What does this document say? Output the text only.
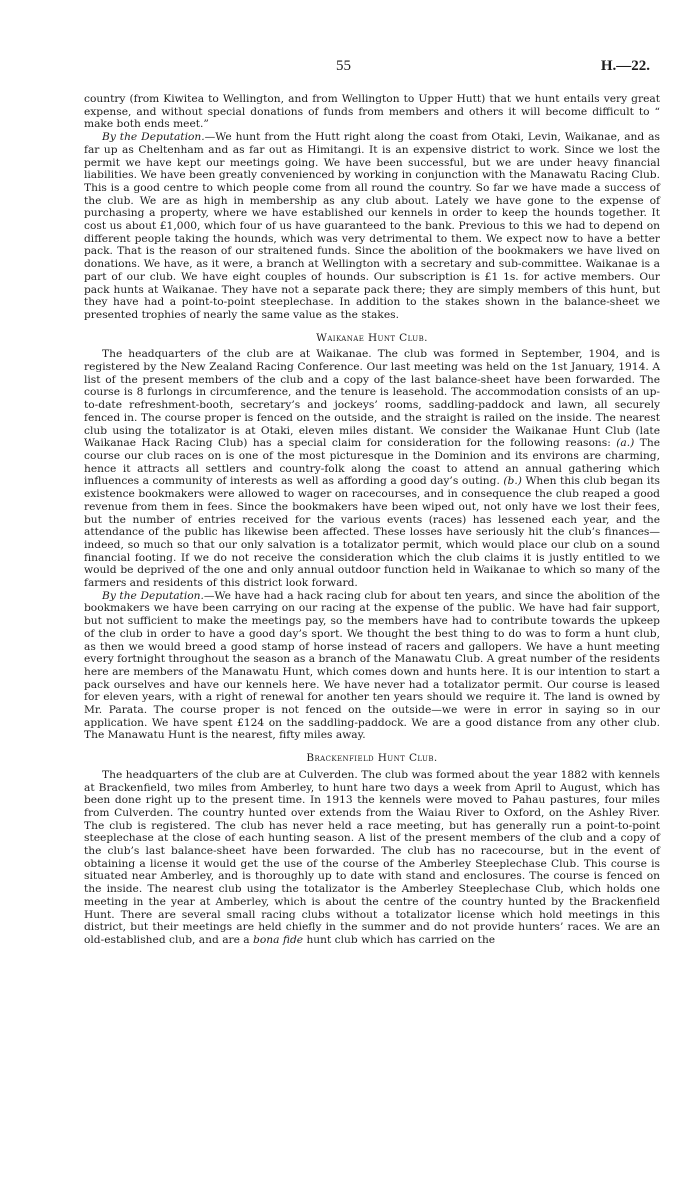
55	H.—22.

country (from Kiwitea to Wellington, and from Wellington to Upper Hutt) that we hunt entails very great expense, and without special donations of funds from members and others it will become difficult to “ make both ends meet.”

By the Deputation.—We hunt from the Hutt right along the coast from Otaki, Levin, Waikanae, and as far up as Cheltenham and as far out as Himitangi. It is an expensive district to work. Since we lost the permit we have kept our meetings going. We have been successful, but we are under heavy financial liabilities. We have been greatly convenienced by working in conjunction with the Manawatu Racing Club. This is a good centre to which people come from all round the country. So far we have made a success of the club. We are as high in membership as any club about. Lately we have gone to the expense of purchasing a property, where we have established our kennels in order to keep the hounds together. It cost us about £1,000, which four of us have guaranteed to the bank. Previous to this we had to depend on different people taking the hounds, which was very detrimental to them. We expect now to have a better pack. That is the reason of our straitened funds. Since the abolition of the bookmakers we have lived on donations. We have, as it were, a branch at Wellington with a secretary and sub-committee. Waikanae is a part of our club. We have eight couples of hounds. Our subscription is £1 1s. for active members. Our pack hunts at Waikanae. They have not a separate pack there; they are simply members of this hunt, but they have had a point-to-point steeplechase. In addition to the stakes shown in the balance-sheet we presented trophies of nearly the same value as the stakes.

Waikanae Hunt Club.

The headquarters of the club are at Waikanae. The club was formed in September, 1904, and is registered by the New Zealand Racing Conference. Our last meeting was held on the 1st January, 1914. A list of the present members of the club and a copy of the last balance-sheet have been forwarded. The course is 8 furlongs in circumference, and the tenure is leasehold. The accommodation consists of an up-to-date refreshment-booth, secretary’s and jockeys’ rooms, saddling-paddock and lawn, all securely fenced in. The course proper is fenced on the outside, and the straight is railed on the inside. The nearest club using the totalizator is at Otaki, eleven miles distant. We consider the Waikanae Hunt Club (late Waikanae Hack Racing Club) has a special claim for consideration for the following reasons: (a.) The course our club races on is one of the most picturesque in the Dominion and its environs are charming, hence it attracts all settlers and country-folk along the coast to attend an annual gathering which influences a community of interests as well as affording a good day’s outing. (b.) When this club began its existence bookmakers were allowed to wager on racecourses, and in consequence the club reaped a good revenue from them in fees. Since the bookmakers have been wiped out, not only have we lost their fees, but the number of entries received for the various events (races) has lessened each year, and the attendance of the public has likewise been affected. These losses have seriously hit the club’s finances—indeed, so much so that our only salvation is a totalizator permit, which would place our club on a sound financial footing. If we do not receive the consideration which the club claims it is justly entitled to we would be deprived of the one and only annual outdoor function held in Waikanae to which so many of the farmers and residents of this district look forward.

By the Deputation.—We have had a hack racing club for about ten years, and since the abolition of the bookmakers we have been carrying on our racing at the expense of the public. We have had fair support, but not sufficient to make the meetings pay, so the members have had to contribute towards the upkeep of the club in order to have a good day’s sport. We thought the best thing to do was to form a hunt club, as then we would breed a good stamp of horse instead of racers and gallopers. We have a hunt meeting every fortnight throughout the season as a branch of the Manawatu Club. A great number of the residents here are members of the Manawatu Hunt, which comes down and hunts here. It is our intention to start a pack ourselves and have our kennels here. We have never had a totalizator permit. Our course is leased for eleven years, with a right of renewal for another ten years should we require it. The land is owned by Mr. Parata. The course proper is not fenced on the outside—we were in error in saying so in our application. We have spent £124 on the saddling-paddock. We are a good distance from any other club. The Manawatu Hunt is the nearest, fifty miles away.

Brackenfield Hunt Club.

The headquarters of the club are at Culverden. The club was formed about the year 1882 with kennels at Brackenfield, two miles from Amberley, to hunt hare two days a week from April to August, which has been done right up to the present time. In 1913 the kennels were moved to Pahau pastures, four miles from Culverden. The country hunted over extends from the Waiau River to Oxford, on the Ashley River. The club is registered. The club has never held a race meeting, but has generally run a point-to-point steeplechase at the close of each hunting season. A list of the present members of the club and a copy of the club’s last balance-sheet have been forwarded. The club has no racecourse, but in the event of obtaining a license it would get the use of the course of the Amberley Steeplechase Club. This course is situated near Amberley, and is thoroughly up to date with stand and enclosures. The course is fenced on the inside. The nearest club using the totalizator is the Amberley Steeplechase Club, which holds one meeting in the year at Amberley, which is about the centre of the country hunted by the Brackenfield Hunt. There are several small racing clubs without a totalizator license which hold meetings in this district, but their meetings are held chiefly in the summer and do not provide hunters’ races. We are an old-established club, and are a bona fide hunt club which has carried on the
